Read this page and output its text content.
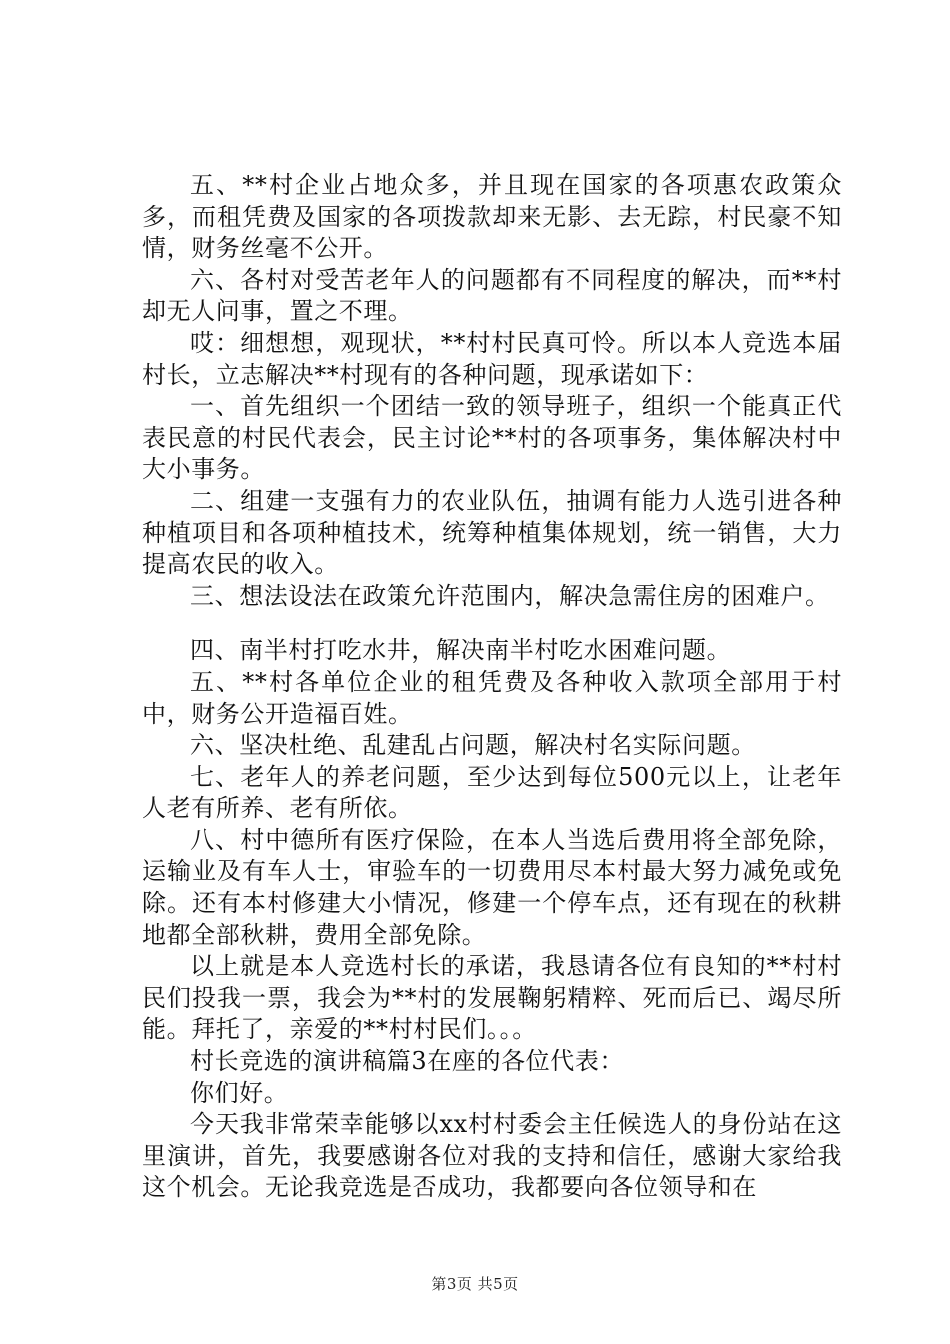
五、**村企业占地众多，并且现在国家的各项惠农政策众多，而租凭费及国家的各项拨款却来无影、去无踪，村民豪不知情，财务丝毫不公开。

六、各村对受苦老年人的问题都有不同程度的解决，而**村却无人问事，置之不理。

哎：细想想，观现状，**村村民真可怜。所以本人竞选本届村长，立志解决**村现有的各种问题，现承诺如下：

一、首先组织一个团结一致的领导班子，组织一个能真正代表民意的村民代表会，民主讨论**村的各项事务，集体解决村中大小事务。

二、组建一支强有力的农业队伍，抽调有能力人选引进各种种植项目和各项种植技术，统筹种植集体规划，统一销售，大力提高农民的收入。

三、想法设法在政策允许范围内，解决急需住房的困难户。

四、南半村打吃水井，解决南半村吃水困难问题。

五、**村各单位企业的租凭费及各种收入款项全部用于村中，财务公开造福百姓。

六、坚决杜绝、乱建乱占问题，解决村名实际问题。

七、老年人的养老问题，至少达到每位500元以上，让老年人老有所养、老有所依。

八、村中德所有医疗保险，在本人当选后费用将全部免除，运输业及有车人士，审验车的一切费用尽本村最大努力减免或免除。还有本村修建大小情况，修建一个停车点，还有现在的秋耕地都全部秋耕，费用全部免除。

以上就是本人竞选村长的承诺，我恳请各位有良知的**村村民们投我一票，我会为**村的发展鞠躬精粹、死而后已、竭尽所能。拜托了，亲爱的**村村民们。。。

村长竞选的演讲稿篇3在座的各位代表：

你们好。

今天我非常荣幸能够以xx村村委会主任候选人的身份站在这里演讲，首先，我要感谢各位对我的支持和信任，感谢大家给我这个机会。无论我竞选是否成功，我都要向各位领导和在

第3页 共5页
